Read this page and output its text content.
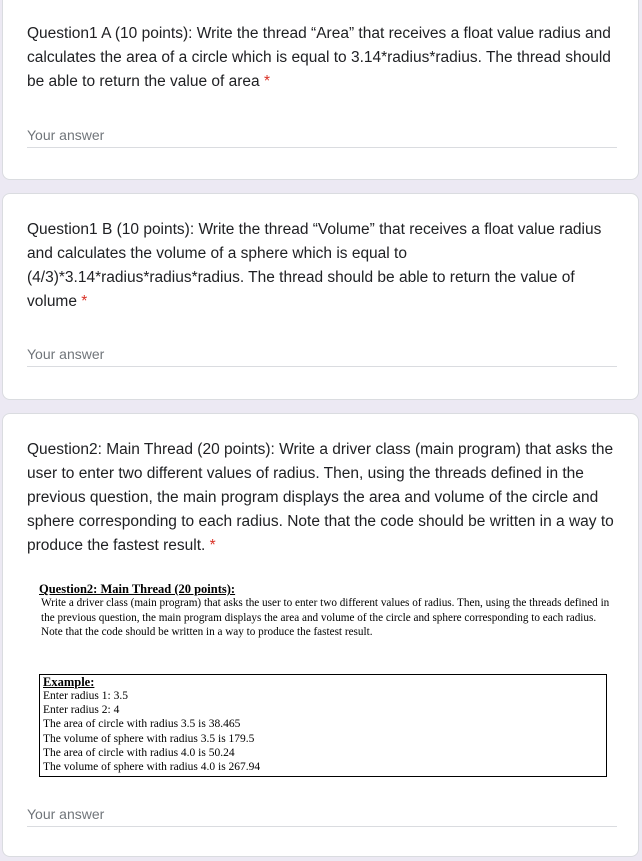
Question1 A (10 points): Write the thread “Area” that receives a float value radius and calculates the area of a circle which is equal to 3.14*radius*radius. The thread should be able to return the value of area *

Your answer

Question1 B (10 points): Write the thread “Volume” that receives a float value radius and calculates the volume of a sphere which is equal to (4/3)*3.14*radius*radius*radius. The thread should be able to return the value of volume *

Your answer

Question2: Main Thread (20 points): Write a driver class (main program) that asks the user to enter two different values of radius. Then, using the threads defined in the previous question, the main program displays the area and volume of the circle and sphere corresponding to each radius. Note that the code should be written in a way to produce the fastest result. *

Question2: Main Thread (20 points):
Write a driver class (main program) that asks the user to enter two different values of radius. Then, using the threads defined in the previous question, the main program displays the area and volume of the circle and sphere corresponding to each radius. Note that the code should be written in a way to produce the fastest result.
Example:
Enter radius 1: 3.5
Enter radius 2: 4
The area of circle with radius 3.5 is 38.465
The volume of sphere with radius 3.5 is 179.5
The area of circle with radius 4.0 is 50.24
The volume of sphere with radius 4.0 is 267.94
Your answer
